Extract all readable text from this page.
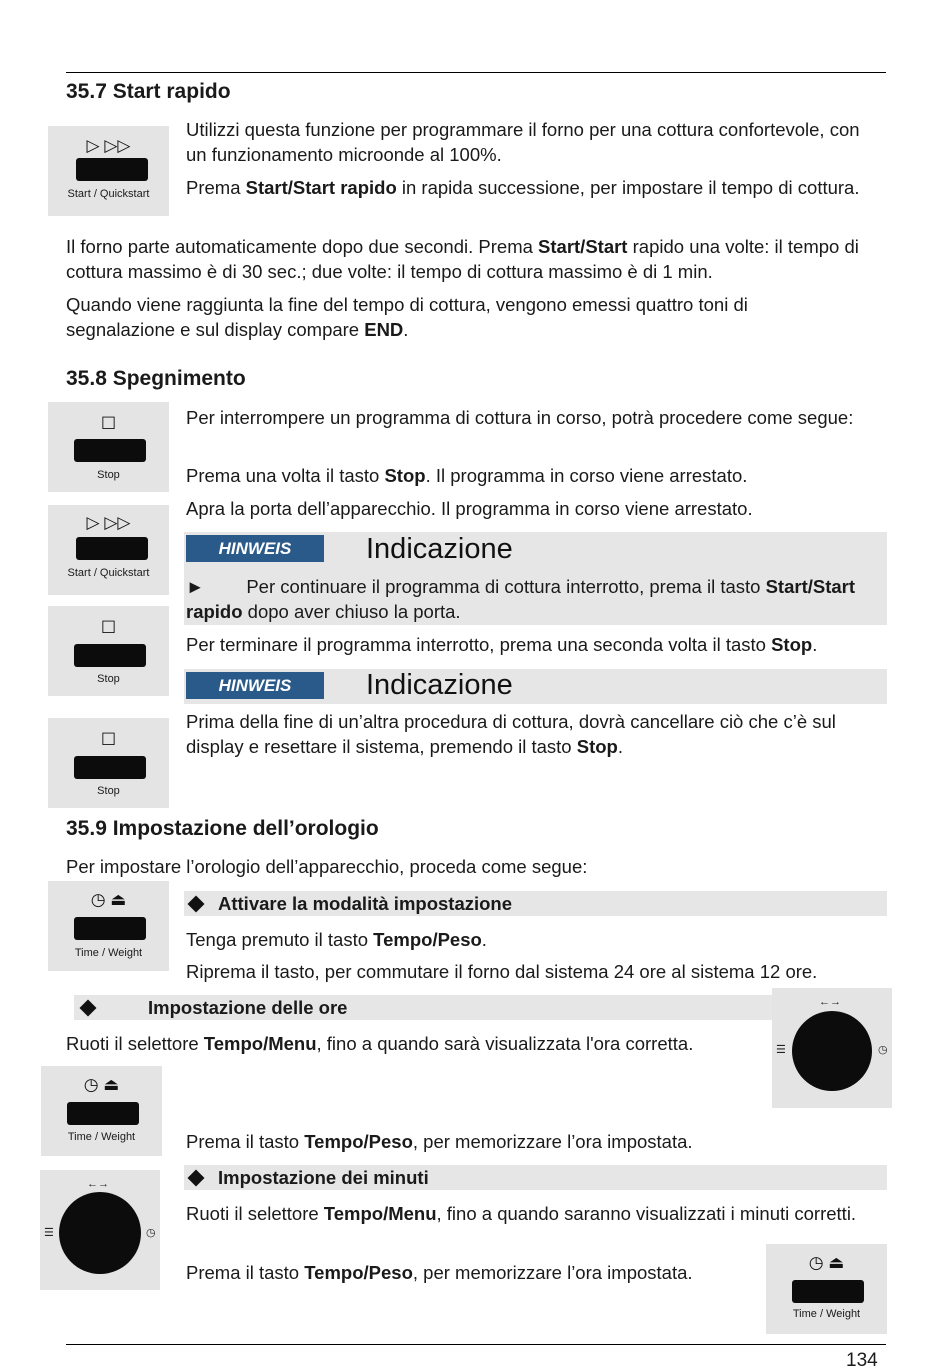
35.7 Start rapido
▷ ▷▷
Start / Quickstart
Utilizzi questa funzione per programmare il forno per una cottura confortevole, con un funzionamento microonde al 100%.
Prema Start/Start rapido in rapida successione, per impostare il tempo di cottura.
Il forno parte automaticamente dopo due secondi. Prema Start/Start rapido una volte: il tempo di cottura massimo è di 30 sec.; due volte: il tempo di cottura massimo è di 1 min.
Quando viene raggiunta la fine del tempo di cottura, vengono emessi quattro toni di segnalazione e sul display compare END.
35.8 Spegnimento
☐
Stop
▷ ▷▷
Start / Quickstart
☐
Stop
☐
Stop
Per interrompere un programma di cottura in corso, potrà procedere come segue:
Prema una volta il tasto Stop. Il programma in corso viene arrestato.
Apra la porta dell’apparecchio. Il programma in corso viene arrestato.
HINWEIS	Indicazione
► Per continuare il programma di cottura interrotto, prema il tasto Start/Start rapido dopo aver chiuso la porta.
Per terminare il programma interrotto, prema una seconda volta il tasto Stop.
HINWEIS	Indicazione
Prima della fine di un’altra procedura di cottura, dovrà cancellare ciò che c’è sul display e resettare il sistema, premendo il tasto Stop.
35.9 Impostazione dell’orologio
Per impostare l’orologio dell’apparecchio, proceda come segue:
◷ ⏏
Time / Weight
Attivare la modalità impostazione
Tenga premuto il tasto Tempo/Peso.
Riprema il tasto, per commutare il forno dal sistema 24 ore al sistema 12 ore.
Impostazione delle ore
Ruoti il selettore Tempo/Menu, fino a quando sarà visualizzata l'ora corretta.
←→
☰	◷
◷ ⏏
Time / Weight	Prema il tasto Tempo/Peso, per memorizzare l’ora impostata.
Impostazione dei minuti
←→
☰	◷
Ruoti il selettore Tempo/Menu, fino a quando saranno visualizzati i minuti corretti.
Prema il tasto Tempo/Peso, per memorizzare l’ora impostata.	◷ ⏏
Time / Weight
134
